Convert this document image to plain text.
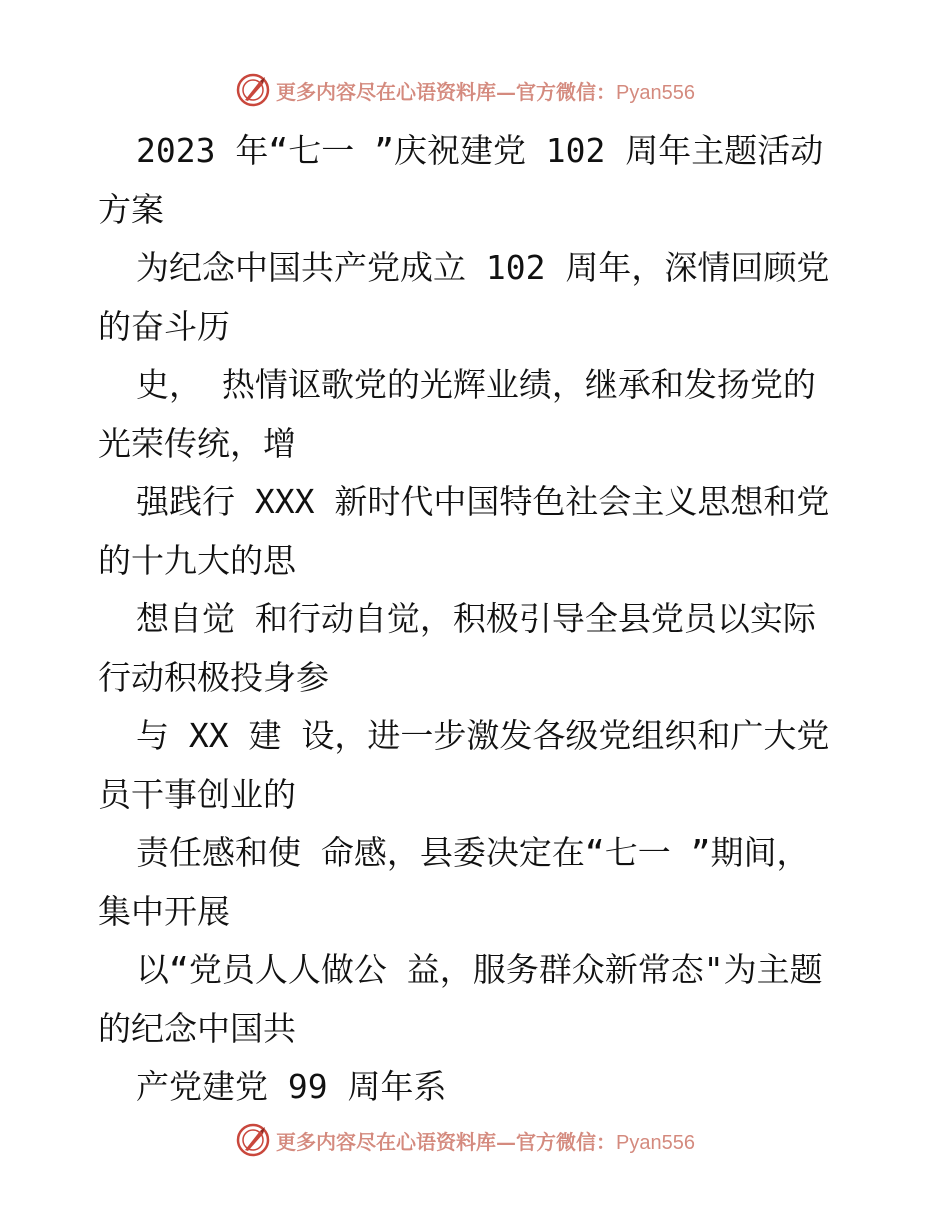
更多内容尽在心语资料库—官方微信：Pyan556
2023 年“七一 ”庆祝建党 102 周年主题活动
方案
为纪念中国共产党成立 102 周年，深情回顾党
的奋斗历
史， 热情讴歌党的光辉业绩，继承和发扬党的
光荣传统，增
强践行 XXX 新时代中国特色社会主义思想和党
的十九大的思
想自觉 和行动自觉，积极引导全县党员以实际
行动积极投身参
与 XX 建 设，进一步激发各级党组织和广大党
员干事创业的
责任感和使 命感，县委决定在“七一 ”期间，
集中开展
以“党员人人做公 益，服务群众新常态"为主题
的纪念中国共
产党建党 99 周年系
更多内容尽在心语资料库—官方微信：Pyan556
